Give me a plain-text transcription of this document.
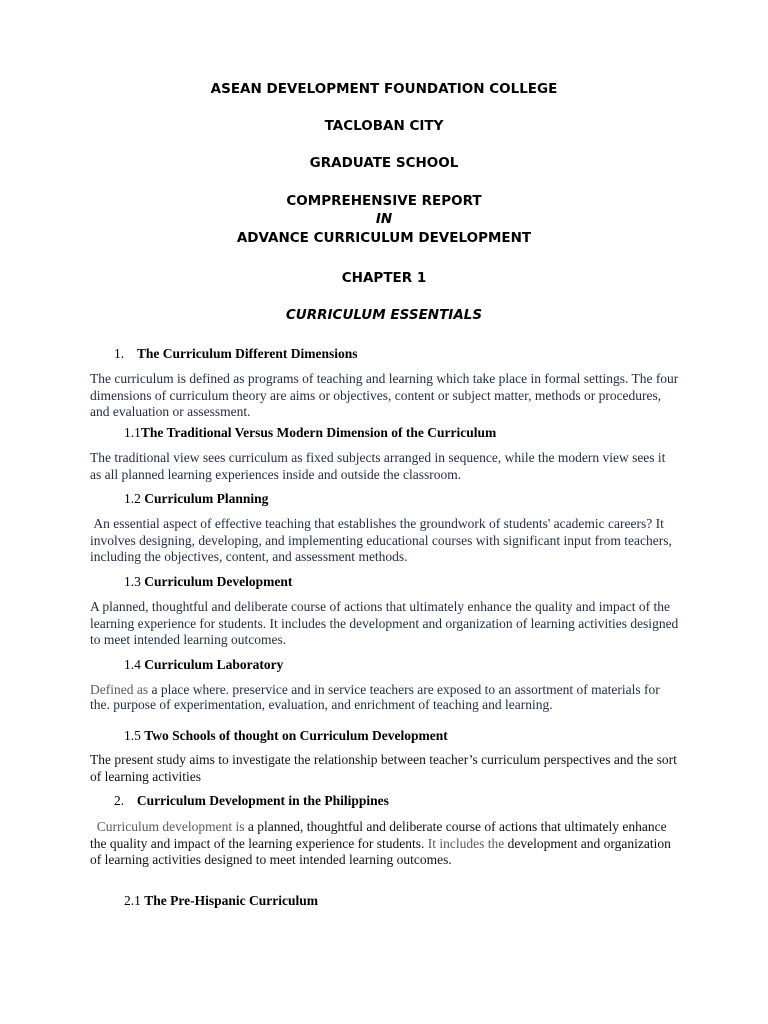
ASEAN DEVELOPMENT FOUNDATION COLLEGE
TACLOBAN CITY
GRADUATE SCHOOL
COMPREHENSIVE REPORT
IN
ADVANCE CURRICULUM DEVELOPMENT
CHAPTER 1
CURRICULUM ESSENTIALS
1. The Curriculum Different Dimensions
The curriculum is defined as programs of teaching and learning which take place in formal settings. The four dimensions of curriculum theory are aims or objectives, content or subject matter, methods or procedures, and evaluation or assessment.
1.1The Traditional Versus Modern Dimension of the Curriculum
The traditional view sees curriculum as fixed subjects arranged in sequence, while the modern view sees it as all planned learning experiences inside and outside the classroom.
1.2 Curriculum Planning
An essential aspect of effective teaching that establishes the groundwork of students' academic careers? It involves designing, developing, and implementing educational courses with significant input from teachers, including the objectives, content, and assessment methods.
1.3 Curriculum Development
A planned, thoughtful and deliberate course of actions that ultimately enhance the quality and impact of the learning experience for students. It includes the development and organization of learning activities designed to meet intended learning outcomes.
1.4 Curriculum Laboratory
Defined as a place where. preservice and in service teachers are exposed to an assortment of materials for the. purpose of experimentation, evaluation, and enrichment of teaching and learning.
1.5 Two Schools of thought on Curriculum Development
The present study aims to investigate the relationship between teacher’s curriculum perspectives and the sort of learning activities
2. Curriculum Development in the Philippines
Curriculum development is a planned, thoughtful and deliberate course of actions that ultimately enhance the quality and impact of the learning experience for students. It includes the development and organization of learning activities designed to meet intended learning outcomes.
2.1 The Pre-Hispanic Curriculum
